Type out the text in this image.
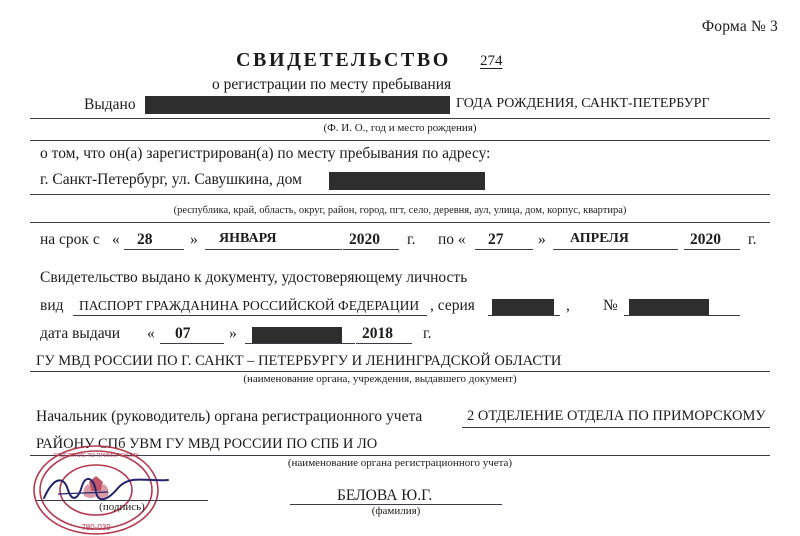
Форма № 3
СВИДЕТЕЛЬСТВО 274
о регистрации по месту пребывания
Выдано	ГОДА РОЖДЕНИЯ, САНКТ-ПЕТЕРБУРГ
(Ф. И. О., год и место рождения)
о том, что он(а) зарегистрирован(а) по месту пребывания по адресу:
г. Санкт-Петербург, ул. Савушкина, дом
(республика, край, область, округ, район, город, пгт, село, деревня, аул, улица, дом, корпус, квартира)
на срок с « 28 » ЯНВАРЯ	2020 г. по « 27 » АПРЕЛЯ	2020 г.
Свидетельство выдано к документу, удостоверяющему личность
вид ПАСПОРТ ГРАЖДАНИНА РОССИЙСКОЙ ФЕДЕРАЦИИ , серия	, №
дата выдачи « 07 »	2018 г.
ГУ МВД РОССИИ ПО Г. САНКТ – ПЕТЕРБУРГУ И ЛЕНИНГРАДСКОЙ ОБЛАСТИ
(наименование органа, учреждения, выдавшего документ)
Начальник (руководитель) органа регистрационного учета	2 ОТДЕЛЕНИЕ ОТДЕЛА ПО ПРИМОРСКОМУ
РАЙОНУ СПб УВМ ГУ МВД РОССИИ ПО СПБ И ЛО
(наименование органа регистрационного учета)
ОТДЕЛЕНИЕ ПО ПРИМОРСКОМУ
780-039
(подпись)
БЕЛОВА Ю.Г.
(фамилия)
